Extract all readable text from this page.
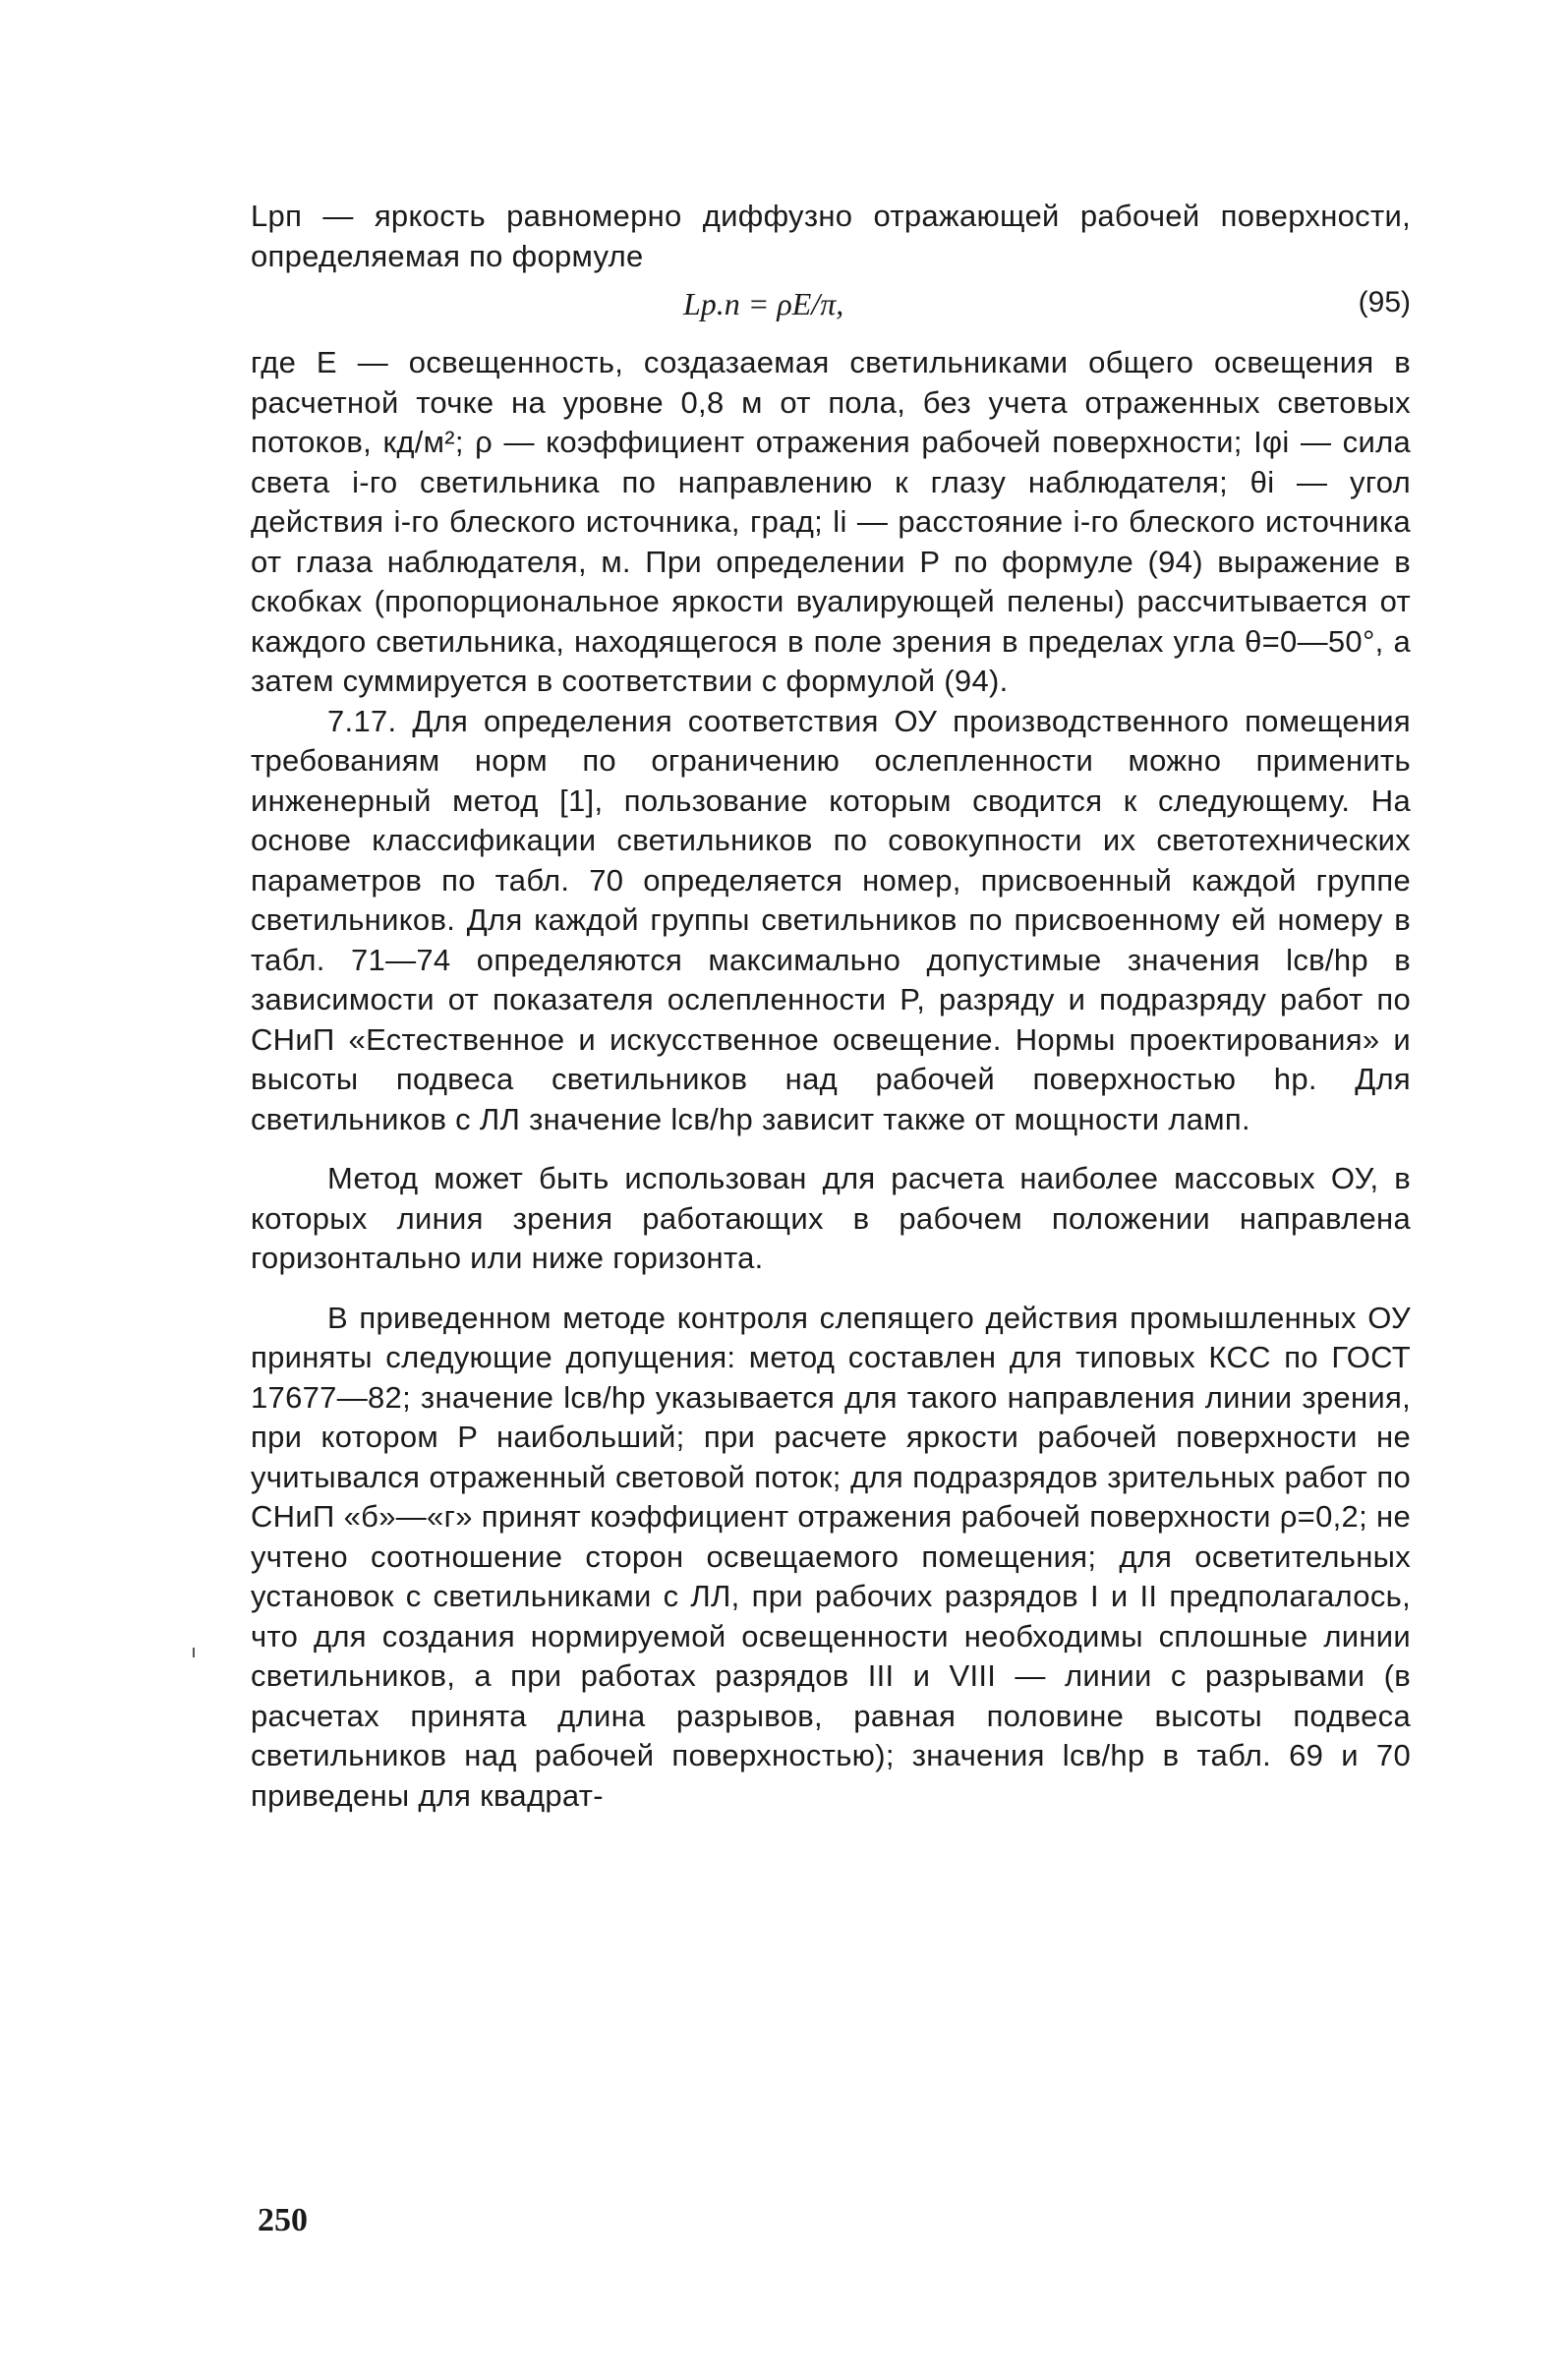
Lрп — яркость равномерно диффузно отражающей рабочей поверхности, определяемая по формуле

Lр.п = ρE/π,	(95)

где E — освещенность, создазаемая светильниками общего освещения в расчетной точке на уровне 0,8 м от пола, без учета отраженных световых потоков, кд/м²; ρ — коэффициент отражения рабочей поверхности; Iφi — сила света i-го светильника по направлению к глазу наблюдателя; θi — угол действия i-го блеского источника, град; li — расстояние i-го блеского источника от глаза наблюдателя, м. При определении P по формуле (94) выражение в скобках (пропорциональное яркости вуалирующей пелены) рассчитывается от каждого светильника, находящегося в поле зрения в пределах угла θ=0—50°, а затем суммируется в соответствии с формулой (94).

7.17. Для определения соответствия ОУ производственного помещения требованиям норм по ограничению ослепленности можно применить инженерный метод [1], пользование которым сводится к следующему. На основе классификации светильников по совокупности их светотехнических параметров по табл. 70 определяется номер, присвоенный каждой группе светильников. Для каждой группы светильников по присвоенному ей номеру в табл. 71—74 определяются максимально допустимые значения lсв/hр в зависимости от показателя ослепленности P, разряду и подразряду работ по СНиП «Естественное и искусственное освещение. Нормы проектирования» и высоты подвеса светильников над рабочей поверхностью hр. Для светильников с ЛЛ значение lсв/hр зависит также от мощности ламп.

Метод может быть использован для расчета наиболее массовых ОУ, в которых линия зрения работающих в рабочем положении направлена горизонтально или ниже горизонта.

В приведенном методе контроля слепящего действия промышленных ОУ приняты следующие допущения: метод составлен для типовых КСС по ГОСТ 17677—82; значение lсв/hр указывается для такого направления линии зрения, при котором P наибольший; при расчете яркости рабочей поверхности не учитывался отраженный световой поток; для подразрядов зрительных работ по СНиП «б»—«г» принят коэффициент отражения рабочей поверхности ρ=0,2; не учтено соотношение сторон освещаемого помещения; для осветительных установок с светильниками с ЛЛ, при рабочих разрядов I и II предполагалось, что для создания нормируемой освещенности необходимы сплошные линии светильников, а при работах разрядов III и VIII — линии с разрывами (в расчетах принята длина разрывов, равная половине высоты подвеса светильников над рабочей поверхностью); значения lсв/hр в табл. 69 и 70 приведены для квадрат-

250
